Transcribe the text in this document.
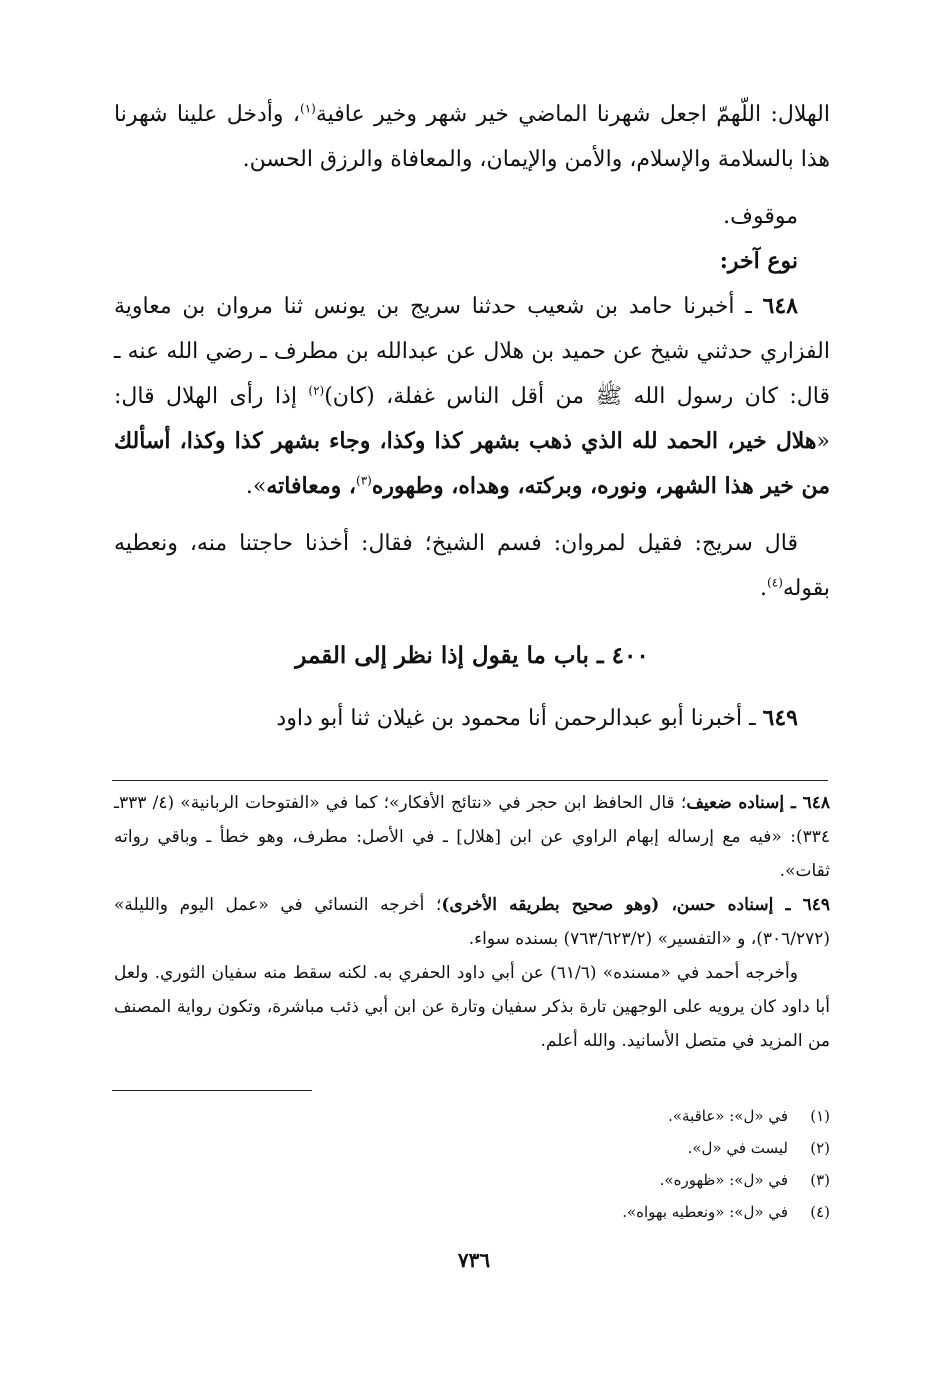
الهلال: اللّهمّ اجعل شهرنا الماضي خير شهر وخير عافية$^{(١)}$، وأدخل علينا شهرنا هذا بالسلامة والإسلام، والأمن والإيمان، والمعافاة والرزق الحسن.

موقوف.

نوع آخر:

٦٤٨ ـ أخبرنا حامد بن شعيب حدثنا سريج بن يونس ثنا مروان بن معاوية الفزاري حدثني شيخ عن حميد بن هلال عن عبدالله بن مطرف ـ رضي الله عنه ـ قال: كان رسول الله ﷺ من أقل الناس غفلة، (كان)$^{(٢)}$ إذا رأى الهلال قال: «هلال خير، الحمد لله الذي ذهب بشهر كذا وكذا، وجاء بشهر كذا وكذا، أسألك من خير هذا الشهر، ونوره، وبركته، وهداه، وطهوره$^{(٣)}$، ومعافاته».

قال سريج: فقيل لمروان: فسم الشيخ؛ فقال: أخذنا حاجتنا منه، ونعطيه بقوله$^{(٤)}$.

٤٠٠ ـ باب ما يقول إذا نظر إلى القمر

٦٤٩ ـ أخبرنا أبو عبدالرحمن أنا محمود بن غيلان ثنا أبو داود

٦٤٨ ـ إسناده ضعيف؛ قال الحافظ ابن حجر في «نتائج الأفكار»؛ كما في «الفتوحات الربانية» (٤/ ٣٣٣ـ ٣٣٤): «فيه مع إرساله إبهام الراوي عن ابن [هلال] ـ في الأصل: مطرف، وهو خطأ ـ وباقي رواته ثقات».

٦٤٩ ـ إسناده حسن، (وهو صحيح بطريقه الأخرى)؛ أخرجه النسائي في «عمل اليوم والليلة» (٣٠٦/٢٧٢)، و «التفسير» (٧٦٣/٦٢٣/٢) بسنده سواء.

وأخرجه أحمد في «مسنده» (٦١/٦) عن أبي داود الحفري به. لكنه سقط منه سفيان الثوري. ولعل أبا داود كان يرويه على الوجهين تارة بذكر سفيان وتارة عن ابن أبي ذئب مباشرة، وتكون رواية المصنف من المزيد في متصل الأسانيد. والله أعلم.

(١)
في «ل»: «عاقبة».
(٢)
ليست في «ل».
(٣)
في «ل»: «ظهوره».
(٤)
في «ل»: «ونعطيه بهواه».
٧٣٦
